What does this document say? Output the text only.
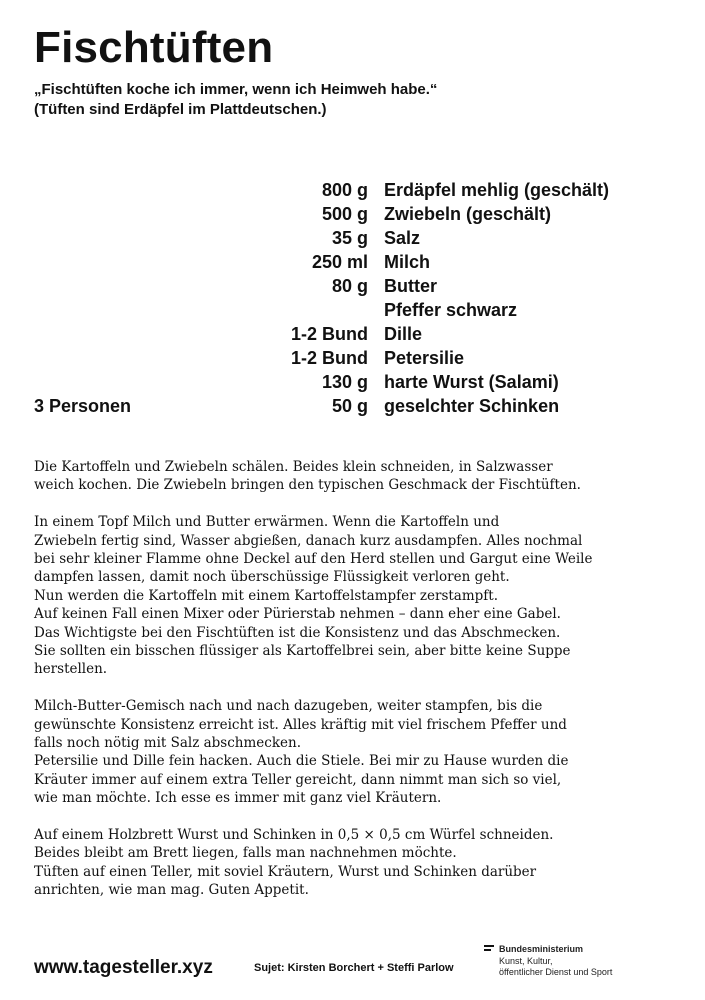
Fischtüften
„Fischtüften koche ich immer, wenn ich Heimweh habe.“
(Tüften sind Erdäpfel im Plattdeutschen.)
800 g Erdäpfel mehlig (geschält)
500 g Zwiebeln (geschält)
35 g Salz
250 ml Milch
80 g Butter
Pfeffer schwarz
1-2 Bund Dille
1-2 Bund Petersilie
130 g harte Wurst (Salami)
50 g geselchter Schinken
3 Personen

Die Kartoffeln und Zwiebeln schälen. Beides klein schneiden, in Salzwasser
weich kochen. Die Zwiebeln bringen den typischen Geschmack der Fischtüften.

In einem Topf Milch und Butter erwärmen. Wenn die Kartoffeln und
Zwiebeln fertig sind, Wasser abgießen, danach kurz ausdampfen. Alles nochmal
bei sehr kleiner Flamme ohne Deckel auf den Herd stellen und Gargut eine Weile
dampfen lassen, damit noch überschüssige Flüssigkeit verloren geht.
Nun werden die Kartoffeln mit einem Kartoffelstampfer zerstampft.
Auf keinen Fall einen Mixer oder Pürierstab nehmen – dann eher eine Gabel.
Das Wichtigste bei den Fischtüften ist die Konsistenz und das Abschmecken.
Sie sollten ein bisschen flüssiger als Kartoffelbrei sein, aber bitte keine Suppe
herstellen.

Milch-Butter-Gemisch nach und nach dazugeben, weiter stampfen, bis die
gewünschte Konsistenz erreicht ist. Alles kräftig mit viel frischem Pfeffer und
falls noch nötig mit Salz abschmecken.
Petersilie und Dille fein hacken. Auch die Stiele. Bei mir zu Hause wurden die
Kräuter immer auf einem extra Teller gereicht, dann nimmt man sich so viel,
wie man möchte. Ich esse es immer mit ganz viel Kräutern.

Auf einem Holzbrett Wurst und Schinken in 0,5 × 0,5 cm Würfel schneiden.
Beides bleibt am Brett liegen, falls man nachnehmen möchte.
Tüften auf einen Teller, mit soviel Kräutern, Wurst und Schinken darüber
anrichten, wie man mag. Guten Appetit.

www.tagesteller.xyz	Sujet: Kirsten Borchert + Steffi Parlow
Bundesministerium
Kunst, Kultur,
öffentlicher Dienst und Sport
